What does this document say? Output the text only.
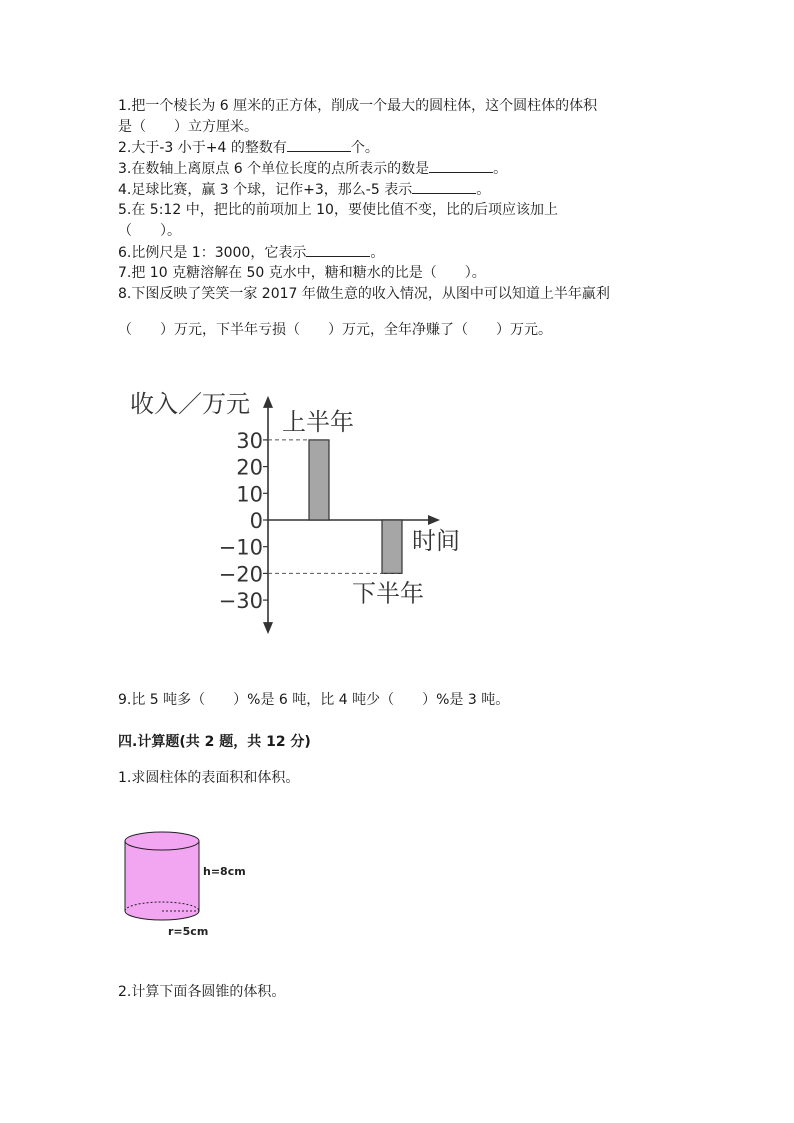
1.把一个棱长为 6 厘米的正方体，削成一个最大的圆柱体，这个圆柱体的体积
是（　　）立方厘米。
2.大于-3 小于+4 的整数有	个。
3.在数轴上离原点 6 个单位长度的点所表示的数是	。
4.足球比赛，赢 3 个球，记作+3，那么-5 表示	。
5.在 5:12 中，把比的前项加上 10，要使比值不变，比的后项应该加上
（　　）。
6.比例尺是 1：3000，它表示	。
7.把 10 克糖溶解在 50 克水中，糖和糖水的比是（　　）。
8.下图反映了笑笑一家 2017 年做生意的收入情况，从图中可以知道上半年赢利
（　　）万元，下半年亏损（　　）万元，全年净赚了（　　）万元。
30
20
10
0
−10
−20
−30
上半年
下半年
收入／万元
时间
9.比 5 吨多（　　）%是 6 吨，比 4 吨少（　　）%是 3 吨。
四.计算题(共 2 题，共 12 分)
1.求圆柱体的表面积和体积。
h=8cm
r=5cm
2.计算下面各圆锥的体积。
